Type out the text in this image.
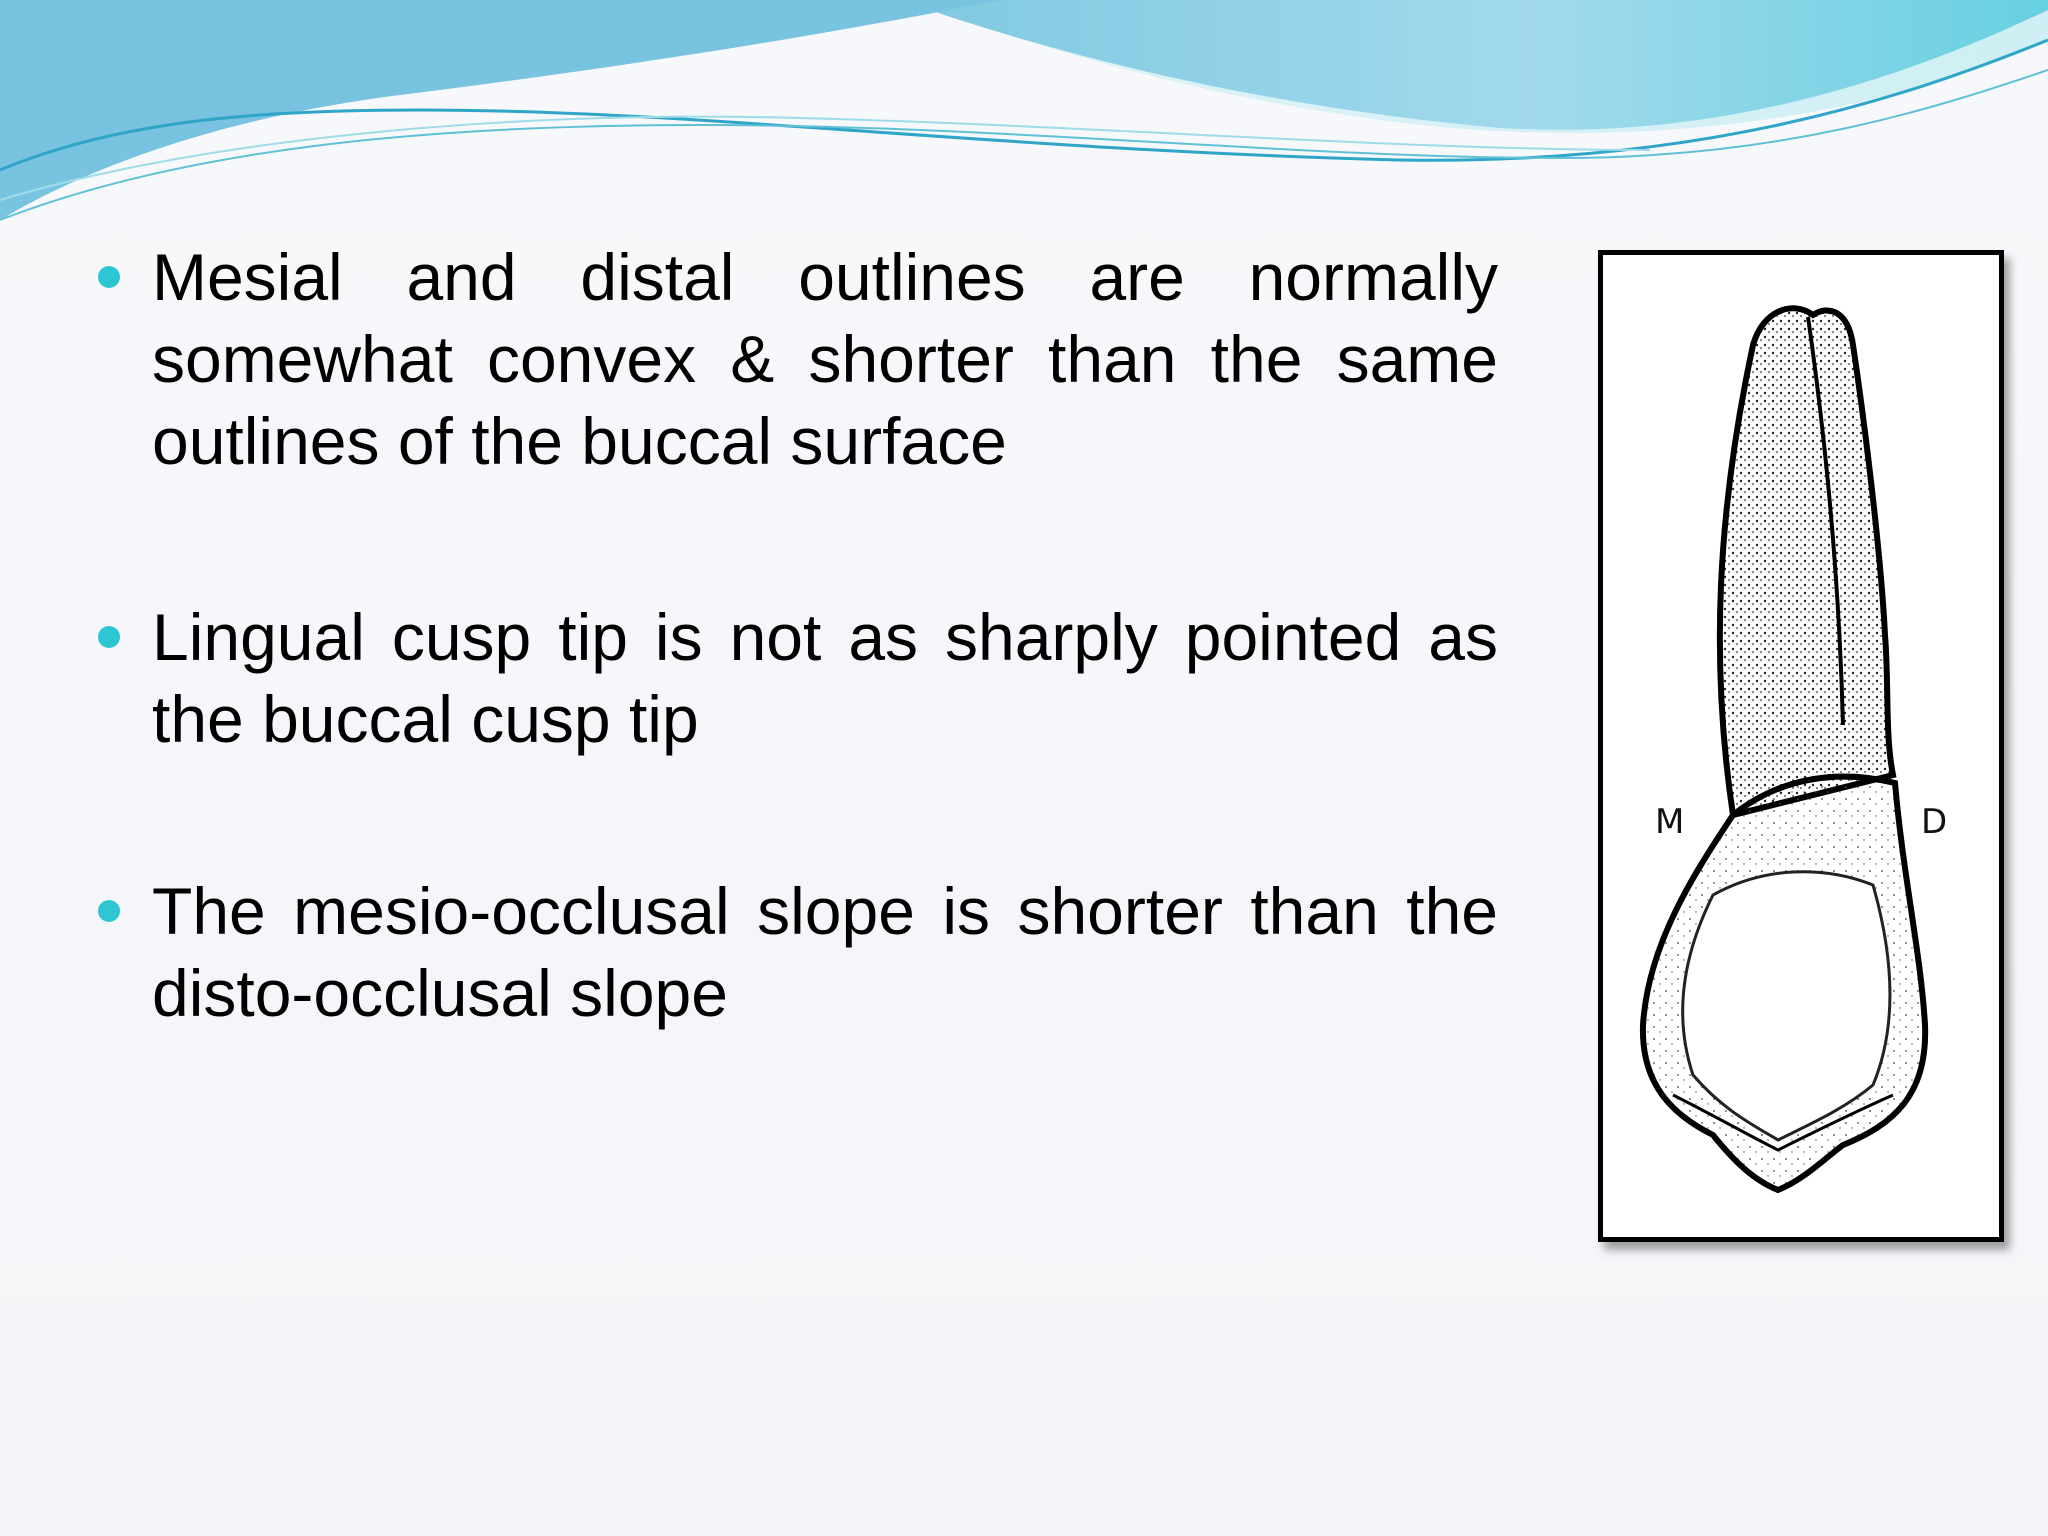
Mesial and distal outlines are normally somewhat convex & shorter than the same outlines of the buccal surface
Lingual cusp tip is not as sharply pointed as the buccal cusp tip
The mesio-occlusal slope is shorter than the disto-occlusal slope
M	D
